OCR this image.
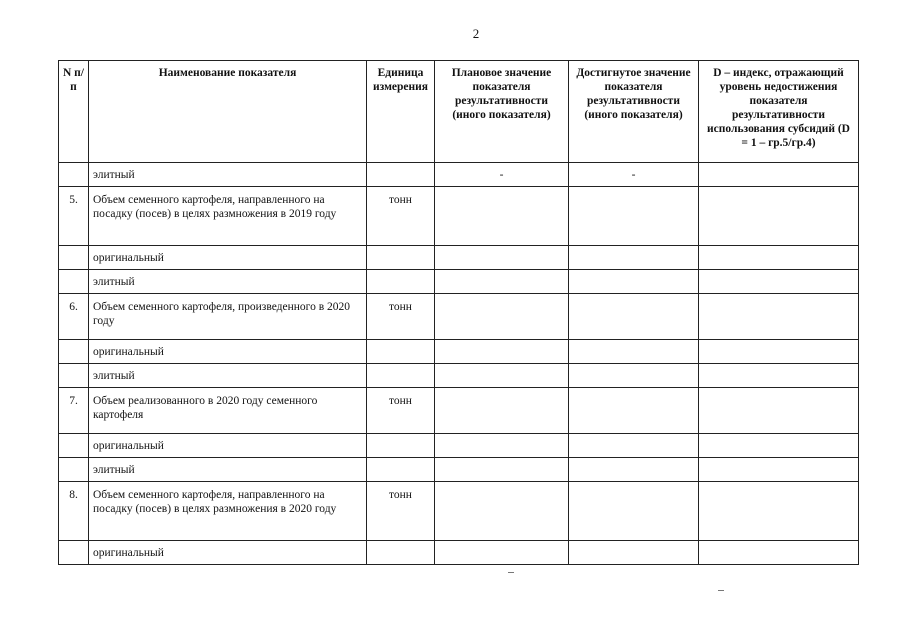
2
N п/п	Наименование показателя	Единица измерения	Плановое значение показателя результативности (иного показателя)	Достигнутое значение показателя результативности (иного показателя)	D – индекс, отражающий уровень недостижения показателя результативности использования субсидий (D = 1 – гр.5/гр.4)
	элитный		-	-	
5.	Объем семенного картофеля, направленного на посадку (посев) в целях размножения в 2019 году	тонн			
	оригинальный				
	элитный				
6.	Объем семенного картофеля, произведенного в 2020 году	тонн			
	оригинальный				
	элитный				
7.	Объем реализованного в 2020 году семенного картофеля	тонн			
	оригинальный				
	элитный				
8.	Объем семенного картофеля, направленного на посадку (посев) в целях размножения в 2020 году	тонн			
	оригинальный				
